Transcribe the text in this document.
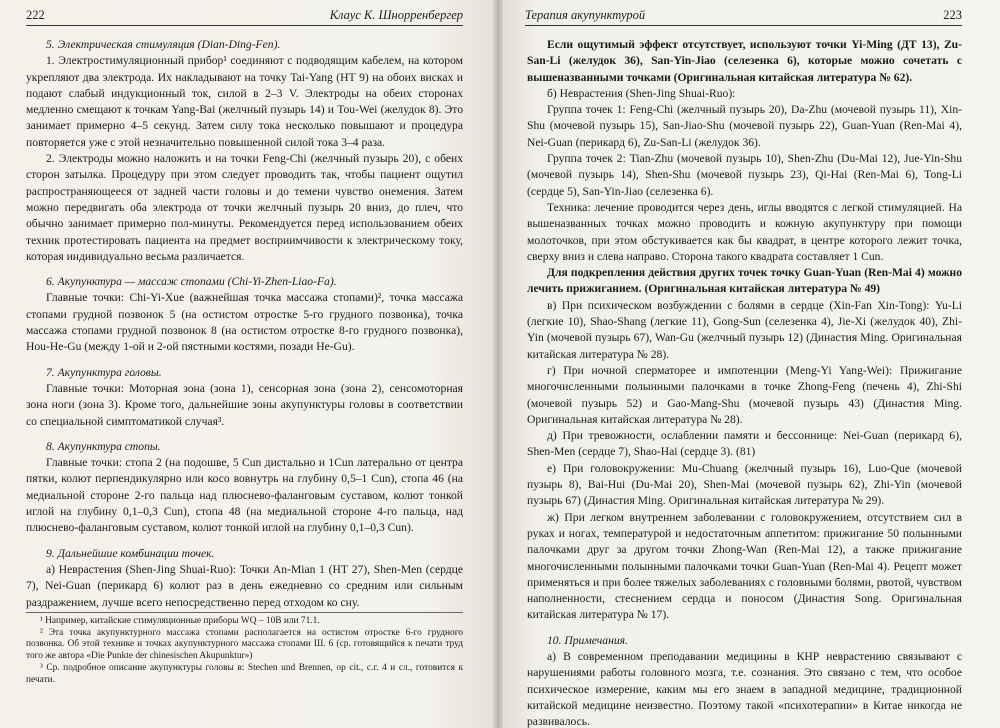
222	Клаус К. Шнорренбергер
5. Электрическая стимуляция (Dian-Ding-Fen).
1. Электростимуляционный прибор¹ соединяют с подводящим кабелем, на котором укрепляют два электрода. Их накладывают на точку Tai-Yang (НТ 9) на обоих висках и подают слабый индукционный ток, силой в 2–3 V. Электроды на обеих сторонах медленно смещают к точкам Yang-Bai (желчный пузырь 14) и Tou-Wei (желудок 8). Это занимает примерно 4–5 секунд. Затем силу тока несколько повышают и процедура повторяется уже с этой незначительно повышенной силой тока 3–4 раза.
2. Электроды можно наложить и на точки Feng-Chi (желчный пузырь 20), с обеих сторон затылка. Процедуру при этом следует проводить так, чтобы пациент ощутил распространяющееся от задней части головы и до темени чувство онемения. Затем можно передвигать оба электрода от точки желчный пузырь 20 вниз, до плеч, что обычно занимает примерно пол-минуты. Рекомендуется перед использованием обеих техник протестировать пациента на предмет восприимчивости к электрическому току, которая индивидуально весьма различается.
6. Акупунктура — массаж стопами (Chi-Yi-Zhen-Liao-Fa).
Главные точки: Chi-Yi-Xue (важнейшая точка массажа стопами)², точка массажа стопами грудной позвонок 5 (на остистом отростке 5-го грудного позвонка), точка массажа стопами грудной позвонок 8 (на остистом отростке 8-го грудного позвонка), Hou-He-Gu (между 1-ой и 2-ой пястными костями, позади He-Gu).
7. Акупунктура головы.
Главные точки: Моторная зона (зона 1), сенсорная зона (зона 2), сенсомоторная зона ноги (зона 3). Кроме того, дальнейшие зоны акупунктуры головы в соответствии со специальной симптоматикой случая³.
8. Акупунктура стопы.
Главные точки: стопа 2 (на подошве, 5 Cun дистально и 1Cun латерально от центра пятки, колют перпендикулярно или косо вовнутрь на глубину 0,5–1 Cun), стопа 46 (на медиальной стороне 2-го пальца над плюснево-фаланговым суставом, колют тонкой иглой на глубину 0,1–0,3 Cun), стопа 48 (на медиальной стороне 4-го пальца, над плюснево-фаланговым суставом, колют тонкой иглой на глубину 0,1–0,3 Cun).
9. Дальнейшие комбинации точек.
а) Неврастения (Shen-Jing Shuai-Ruo): Точки An-Mian 1 (НТ 27), Shen-Men (сердце 7), Nei-Guan (перикард 6) колют раз в день ежедневно со средним или сильным раздражением, лучше всего непосредственно перед отходом ко сну.
¹ Например, китайские стимуляционные приборы WQ – 10B или 71.1.
² Эта точка акупунктурного массажа стопами располагается на остистом отростке 6-го грудного позвонка. Об этой технике и точках акупунктурного массажа стопами Ш. 6 (ср. готовящийся к печати труд того же автора «Die Punkte der chinesischen Akupunktur»)
³ Ср. подробное описание акупунктуры головы в: Stechen und Brennen, op cit., с.г. 4 и сл., готовится к печати.
Терапия акупунктурой	223
Если ощутимый эффект отсутствует, используют точки Yi-Ming (ДТ 13), Zu-San-Li (желудок 36), San-Yin-Jiao (селезенка 6), которые можно сочетать с вышеназванными точками (Оригинальная китайская литература № 62).
б) Неврастения (Shen-Jing Shuai-Ruo):
Группа точек 1: Feng-Chi (желчный пузырь 20), Da-Zhu (мочевой пузырь 11), Xin-Shu (мочевой пузырь 15), San-Jiao-Shu (мочевой пузырь 22), Guan-Yuan (Ren-Mai 4), Nei-Guan (перикард 6), Zu-San-Li (желудок 36).
Группа точек 2: Tian-Zhu (мочевой пузырь 10), Shen-Zhu (Du-Mai 12), Jue-Yin-Shu (мочевой пузырь 14), Shen-Shu (мочевой пузырь 23), Qi-Hai (Ren-Mai 6), Tong-Li (сердце 5), San-Yin-Jiao (селезенка 6).
Техника: лечение проводится через день, иглы вводятся с легкой стимуляцией. На вышеназванных точках можно проводить и кожную акупунктуру при помощи молоточков, при этом обстукивается как бы квадрат, в центре которого лежит точка, сверху вниз и слева направо. Сторона такого квадрата составляет 1 Cun.
Для подкрепления действия других точек точку Guan-Yuan (Ren-Mai 4) можно лечить прижиганием. (Оригинальная китайская литература № 49)
в) При психическом возбуждении с болями в сердце (Xin-Fan Xin-Tong): Yu-Li (легкие 10), Shao-Shang (легкие 11), Gong-Sun (селезенка 4), Jie-Xi (желудок 40), Zhi-Yin (мочевой пузырь 67), Wan-Gu (желчный пузырь 12) (Династия Ming. Оригинальная китайская литература № 28).
г) При ночной сперматорее и импотенции (Meng-Yi Yang-Wei): Прижигание многочисленными полынными палочками в точке Zhong-Feng (печень 4), Zhi-Shi (мочевой пузырь 52) и Gao-Mang-Shu (мочевой пузырь 43) (Династия Ming. Оригинальная китайская литература № 28).
д) При тревожности, ослаблении памяти и бессоннице: Nei-Guan (перикард 6), Shen-Men (сердце 7), Shao-Hai (сердце 3). (81)
е) При головокружении: Mu-Chuang (желчный пузырь 16), Luo-Que (мочевой пузырь 8), Bai-Hui (Du-Mai 20), Shen-Mai (мочевой пузырь 62), Zhi-Yin (мочевой пузырь 67) (Династия Ming. Оригинальная китайская литература № 29).
ж) При легком внутреннем заболевании с головокружением, отсутствием сил в руках и ногах, температурой и недостаточным аппетитом: прижигание 50 полынными палочками друг за другом точки Zhong-Wan (Ren-Mai 12), а также прижигание многочисленными полынными палочками точки Guan-Yuan (Ren-Mai 4). Рецепт может применяться и при более тяжелых заболеваниях с головными болями, рвотой, чувством наполненности, стеснением сердца и поносом (Династия Song. Оригинальная китайская литература № 17).
10. Примечания.
а) В современном преподавании медицины в КНР неврастению связывают с нарушениями работы головного мозга, т.е. сознания. Это связано с тем, что особое психическое измерение, каким мы его знаем в западной медицине, традиционной китайской медицине неизвестно. Поэтому такой «психотерапии» в Китае никогда не развивалось.
